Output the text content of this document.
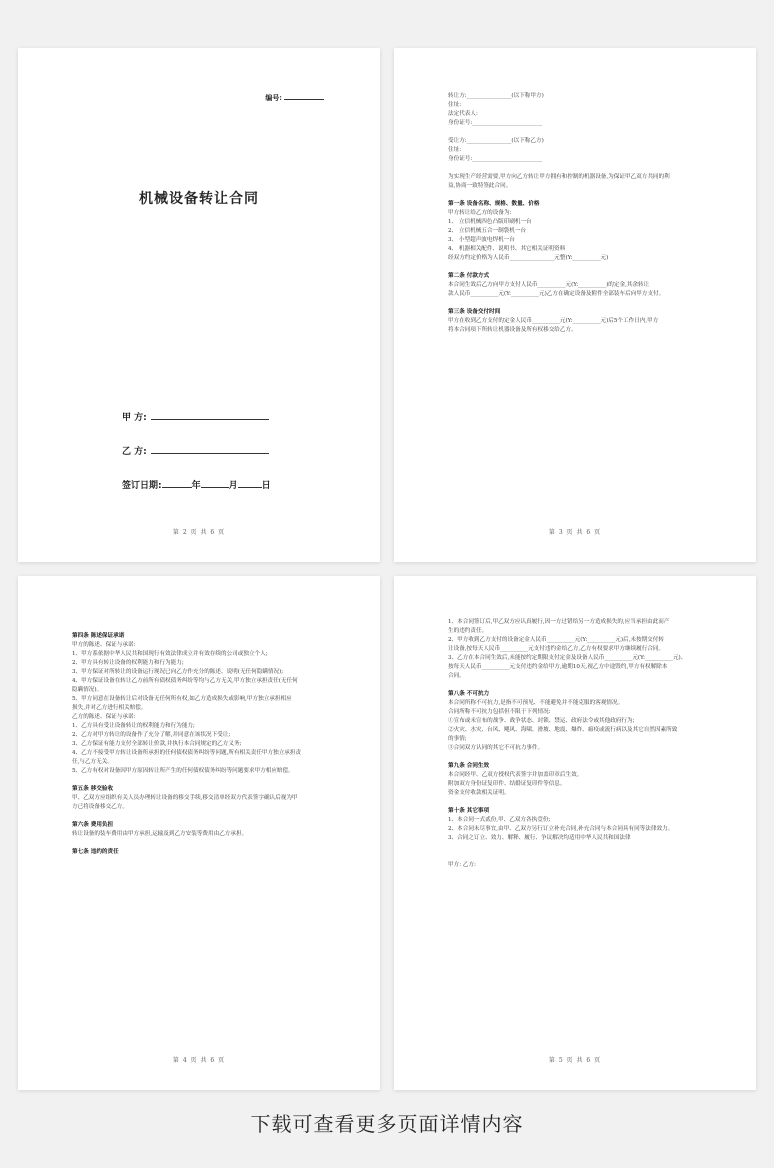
编号:
机械设备转让合同
甲 方:
乙 方:
签订日期:	年	月	日
第 2 页 共 6 页
转让方:________________(以下称甲方)
住址:
法定代表人:
身份证号:_________________________
受让方:________________(以下称乙方)
住址:
身份证号:_________________________
为实现生产经营需要,甲方向乙方转让甲方拥有和控制的机器设备,为保证甲乙双方共同的利
益,协商一致特签此合同。
第一条 设备名称、规格、数量、价格
甲方转让给乙方的设备为:
1、 立信机械四色凸版印刷机一台
2、 立信机械五合一制袋机一台
3、 小型超声波电焊机一台
4、 机器相关配件、说明书、其它相关证明资料
经双方约定价格为人民币________________元整(Y:__________元)
第二条 付款方式
本合同生效后乙方向甲方支付人民币__________元(Y:__________)的定金,其余转让
款人民币__________元(Y:__________元)乙方在确定设备及附件全部装车后向甲方支付。
第三条 设备交付时间
甲方在收到乙方支付的定金人民币__________元(Y:__________元)后5个工作日内,甲方
将本合同项下所转让机器设备及所有权移交给乙方。
第 3 页 共 6 页
第四条 陈述保证承诺
甲方的陈述、保证与承诺:
1、甲方系依据中华人民共和国现行有效法律成立并有效存续的公司或独立个人;
2、甲方具有转让设备的权利能力和行为能力;
3、甲方保证对所转让的设备运行现况已向乙方作充分的陈述、说明(无任何隐瞒情况);
4、甲方保证设备在转让乙方前所有债权债务纠纷等均与乙方无关,甲方独立承担责任(无任何
隐瞒情况)。
5、甲方同意在设备转让后对设备无任何所有权,如乙方造成损失或影响,甲方独立承担相应
损失,并对乙方进行相关赔偿。
乙方的陈述、保证与承诺:
1、乙方具有受让设备转让的权利能力和行为能力;
2、乙方对甲方转让的设备作了充分了解,并同意在该状况下受让;
3、乙方保证有能力支付全部转让价款,并执行本合同规定的乙方义务;
4、乙方不接受甲方转让设备所承担的任何债权债务纠纷等问题,所有相关责任甲方独立承担责
任,与乙方无关。
5、乙方有权对设备因甲方原因转让所产生的任何债权债务纠纷等问题要求甲方相应赔偿。
第五条 移交验收
甲、乙双方应组织有关人员办理转让设备的移交手续,移交清单经双方代表签字确认后视为甲
方已将设备移交乙方。
第六条 费用负担
转让设备的装车费用由甲方承担,运输及到乙方安装等费用由乙方承担。
第七条 违约的责任
第 4 页 共 6 页
1、本合同签订后,甲乙双方应认真履行,因一方过错给另一方造成损失的,应当承担由此而产
生的违约责任。
2、甲方收到乙方支付的设备定金人民币__________元(Y:__________元)后,未按期交付转
让设备,按每天人民币__________元支付违约金给乙方,乙方有权要求甲方继续履行合同。
3、乙方在本合同生效后,未能按约定期限支付定金及设备人民币__________元(Y:__________元)、
按每天人民币__________元支付违约金给甲方,逾期10天,视乙方中途毁约,甲方有权解除本
合同。
第八条 不可抗力
本合同所称不可抗力,是指不可预见、不能避免并不能克服的客观情况。
合同所称不可抗力包括但不限于下列情况:
①宣布或未宣布的战争、战争状态、封锁、禁运、政府法令或其他政府行为;
②火灾、水灾、台风、飓风、海啸、滑坡、地震、爆炸、瘟疫或流行病以及其它自然因素所致
的事情;
③合同双方认同的其它不可抗力事件。
第九条 合同生效
本合同经甲、乙双方授权代表签字并加盖印章后生效。
附加双方身份证复印件、结婚证复印件等信息。
资金支付收款相关证明。
第十条 其它事项
1、本合同一式贰份,甲、乙双方各执壹份;
2、本合同未尽事宜,由甲、乙双方另行订立补充合同,补充合同与本合同具有同等法律效力。
3、合同之订立、效力、解释、履行、争议解决均适用中华人民共和国法律
甲方: 乙方:
第 5 页 共 6 页
下载可查看更多页面详情内容
